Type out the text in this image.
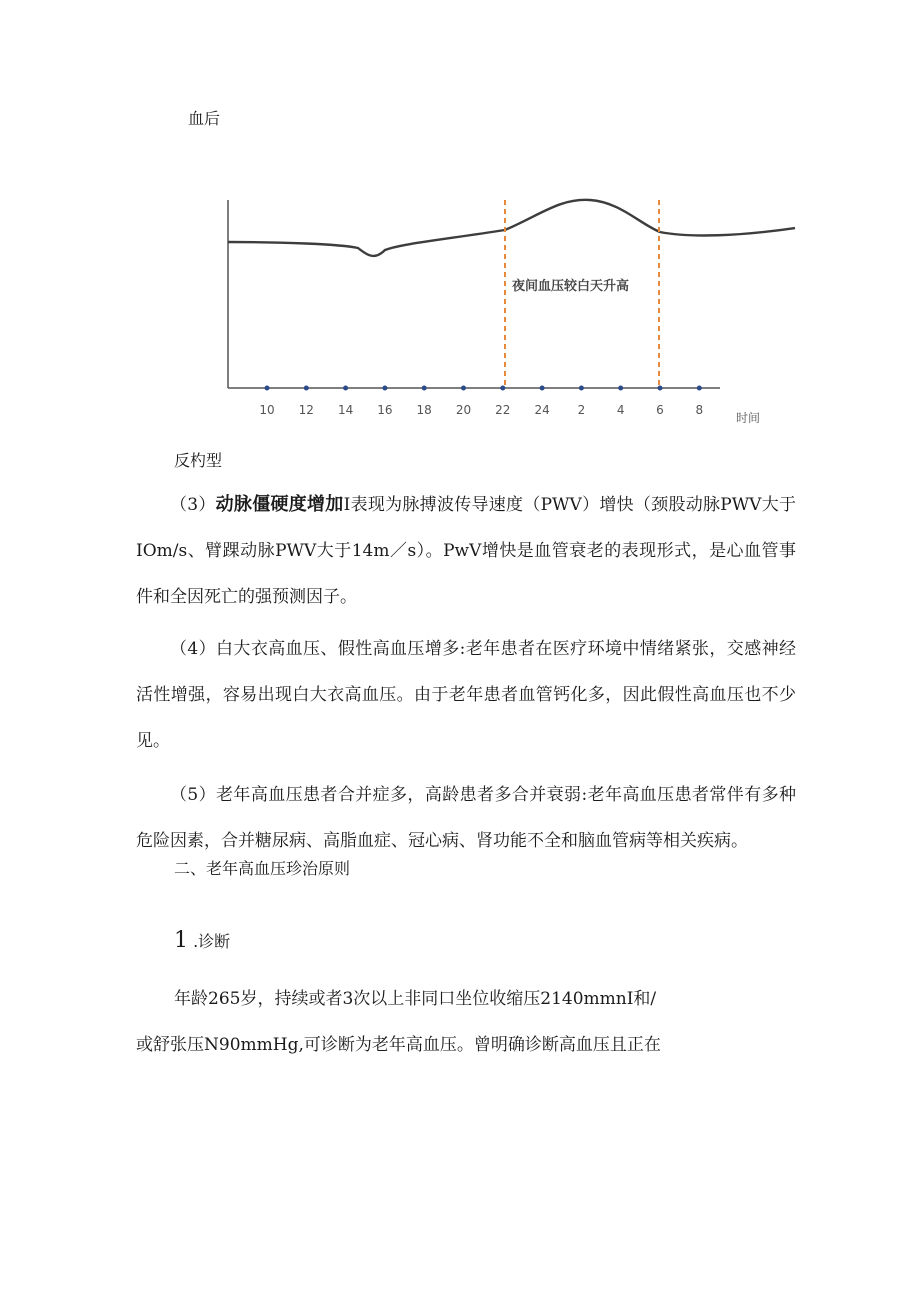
血后
夜间血压较白天升高
10 12 14 16 18 20 22 24 2	4	6	8
时间
反杓型

（3）动脉僵硬度增加I表现为脉搏波传导速度（PWV）增快（颈股动脉PWV大于IOm/s、臂踝动脉PWV大于14m／s）。PwV增快是血管衰老的表现形式，是心血管事件和全因死亡的强预测因子。

（4）白大衣高血压、假性高血压增多:老年患者在医疗环境中情绪紧张，交感神经活性增强，容易出现白大衣高血压。由于老年患者血管钙化多，因此假性高血压也不少见。

（5）老年高血压患者合并症多，高龄患者多合并衰弱:老年高血压患者常伴有多种危险因素，合并糖尿病、高脂血症、冠心病、肾功能不全和脑血管病等相关疾病。

二、老年高血压珍治原则
1 .诊断
年龄265岁，持续或者3次以上非同口坐位收缩压2140mmnI和/
或舒张压N90mmHg,可诊断为老年高血压。曾明确诊断高血压且正在
